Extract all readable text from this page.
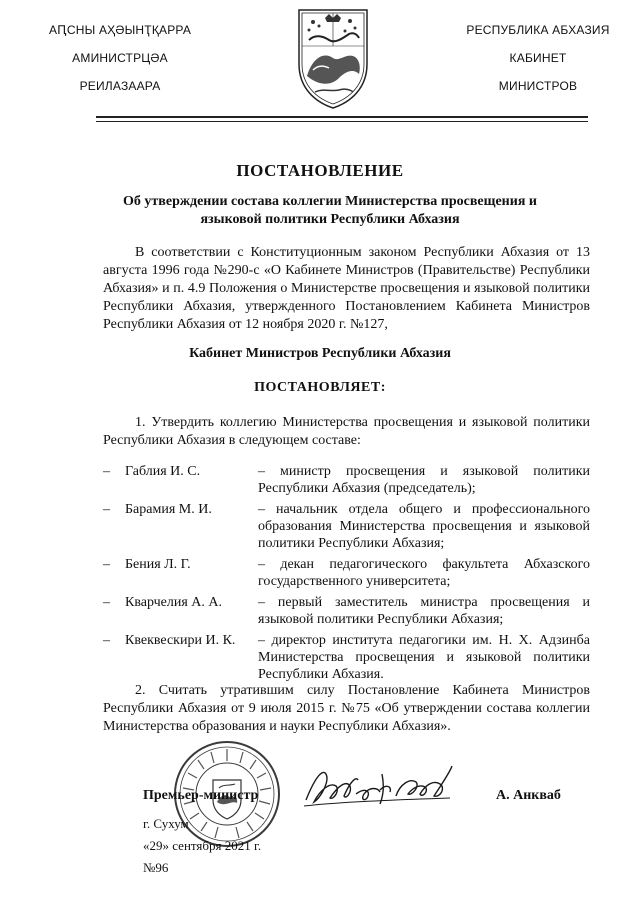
АԤСНЫ АҲӘЫНҬҚАРРА
АМИНИСТРЦӘА
РЕИЛАЗААРА
РЕСПУБЛИКА АБХАЗИЯ
КАБИНЕТ
МИНИСТРОВ
ПОСТАНОВЛЕНИЕ
Об утверждении состава коллегии Министерства просвещения и языковой политики Республики Абхазия
В соответствии с Конституционным законом Республики Абхазия от 13 августа 1996 года №290-с «О Кабинете Министров (Правительстве) Республики Абхазия» и п. 4.9 Положения о Министерстве просвещения и языковой политики Республики Абхазия, утвержденного Постановлением Кабинета Министров Республики Абхазия от 12 ноября 2020 г. №127,
Кабинет Министров Республики Абхазия
ПОСТАНОВЛЯЕТ:
1. Утвердить коллегию Министерства просвещения и языковой политики Республики Абхазия в следующем составе:
–	Габлия И. С.	– министр просвещения и языковой политики Республики Абхазия (председатель);
–	Барамия М. И.	– начальник отдела общего и профессионального образования Министерства просвещения и языковой политики Республики Абхазия;
–	Бения Л. Г.	– декан педагогического факультета Абхазского государственного университета;
–	Кварчелия А. А.	– первый заместитель министра просвещения и языковой политики Республики Абхазия;
–	Квеквескири И. К.	– директор института педагогики им. Н. Х. Адзинба Министерства просвещения и языковой политики Республики Абхазия.
2. Считать утратившим силу Постановление Кабинета Министров Республики Абхазия от 9 июля 2015 г. №75 «Об утверждении состава коллегии Министерства образования и науки Республики Абхазия».
Премьер-министр	А. Анкваб
г. Сухум
«29» сентября 2021 г.
№96
